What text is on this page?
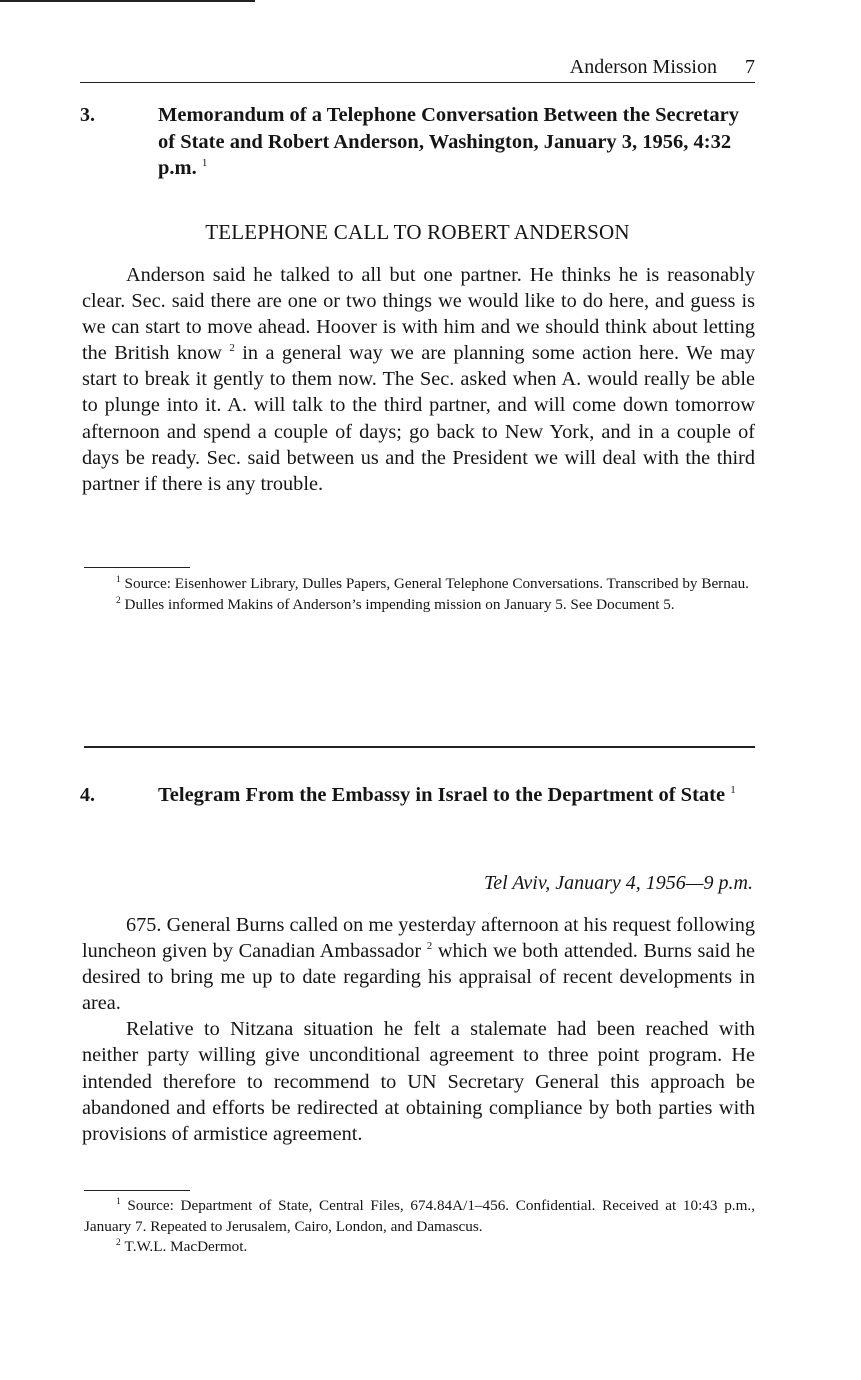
Anderson Mission 7
3.	Memorandum of a Telephone Conversation Between the Secretary of State and Robert Anderson, Washington, January 3, 1956, 4:32 p.m. $^1$
TELEPHONE CALL TO ROBERT ANDERSON

Anderson said he talked to all but one partner. He thinks he is reasonably clear. Sec. said there are one or two things we would like to do here, and guess is we can start to move ahead. Hoover is with him and we should think about letting the British know $^2$ in a general way we are planning some action here. We may start to break it gently to them now. The Sec. asked when A. would really be able to plunge into it. A. will talk to the third partner, and will come down tomorrow afternoon and spend a couple of days; go back to New York, and in a couple of days be ready. Sec. said between us and the President we will deal with the third partner if there is any trouble.

$^1$ Source: Eisenhower Library, Dulles Papers, General Telephone Conversations. Transcribed by Bernau.

$^2$ Dulles informed Makins of Anderson’s impending mission on January 5. See Document 5.

4.	Telegram From the Embassy in Israel to the Department of State $^1$
Tel Aviv, January 4, 1956—9 p.m.

675. General Burns called on me yesterday afternoon at his request following luncheon given by Canadian Ambassador $^2$ which we both attended. Burns said he desired to bring me up to date regarding his appraisal of recent developments in area.

Relative to Nitzana situation he felt a stalemate had been reached with neither party willing give unconditional agreement to three point program. He intended therefore to recommend to UN Secretary General this approach be abandoned and efforts be redirected at obtaining compliance by both parties with provisions of armistice agreement.

$^1$ Source: Department of State, Central Files, 674.84A/1–456. Confidential. Received at 10:43 p.m., January 7. Repeated to Jerusalem, Cairo, London, and Damascus.

$^2$ T.W.L. MacDermot.
